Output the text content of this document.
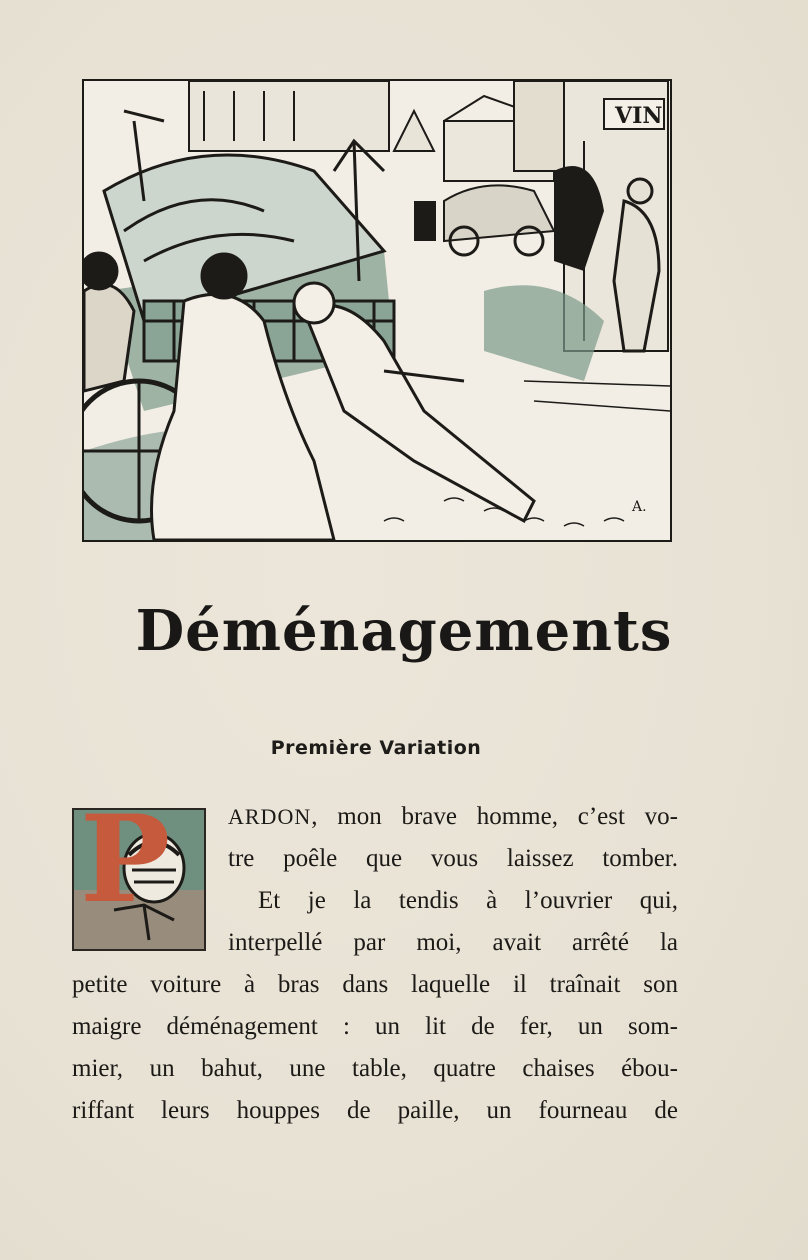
VIN
A.
Déménagements
Première Variation
P	ARDON, mon brave homme, c’est vo-
tre poêle que vous laissez tomber.
Et je la tendis à l’ouvrier qui,
interpellé par moi, avait arrêté la
petite voiture à bras dans laquelle il traînait son
maigre déménagement : un lit de fer, un som-
mier, un bahut, une table, quatre chaises ébou-
riffant leurs houppes de paille, un fourneau de
